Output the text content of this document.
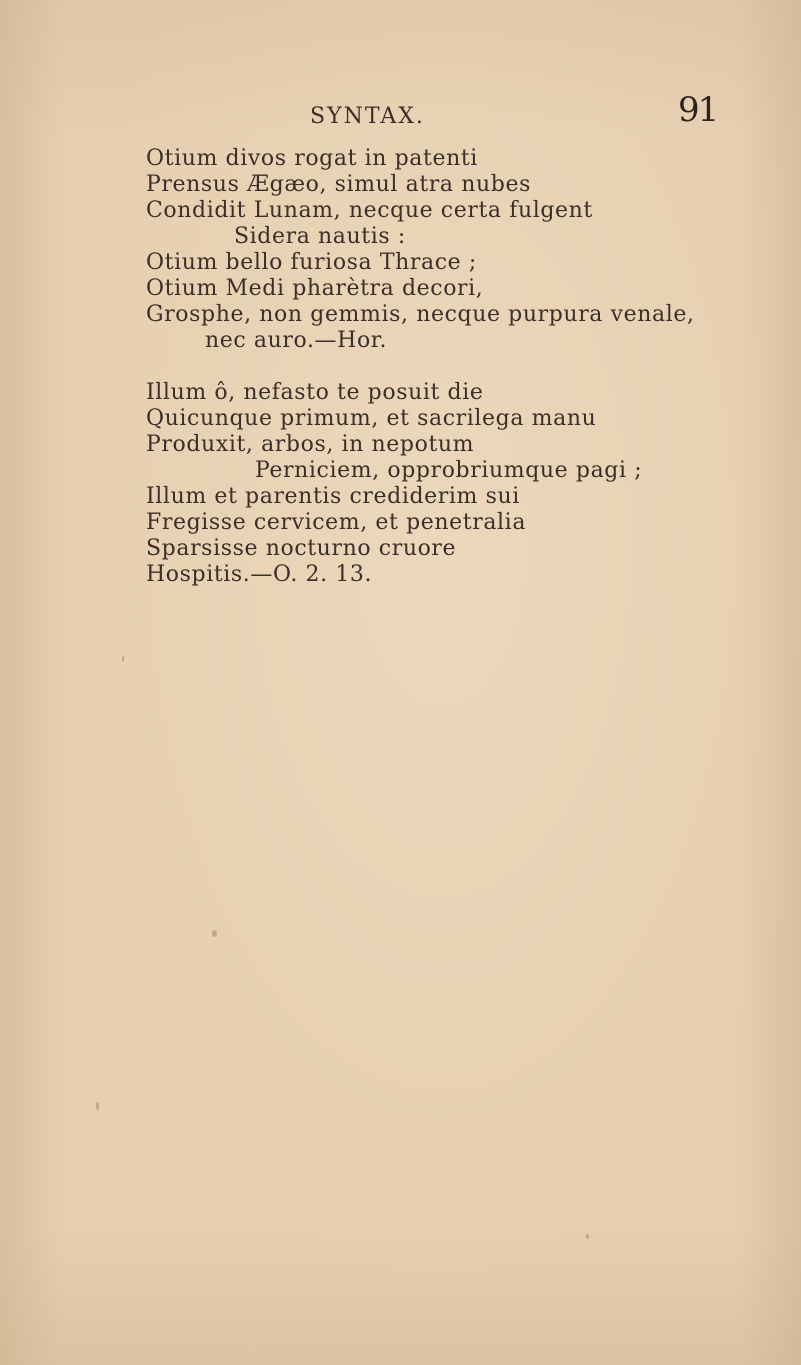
SYNTAX.	91
Otium divos rogat in patenti
Prensus Ægæo, simul atra nubes
Condidit Lunam, necque certa fulgent
Sidera nautis :
Otium bello furiosa Thrace ;
Otium Medi pharètra decori,
Grosphe, non gemmis, necque purpura venale,
nec auro.—Hor.
Illum ô, nefasto te posuit die
Quicunque primum, et sacrilega manu
Produxit, arbos, in nepotum
Perniciem, opprobriumque pagi ;
Illum et parentis crediderim sui
Fregisse cervicem, et penetralia
Sparsisse nocturno cruore
Hospitis.—O. 2. 13.
